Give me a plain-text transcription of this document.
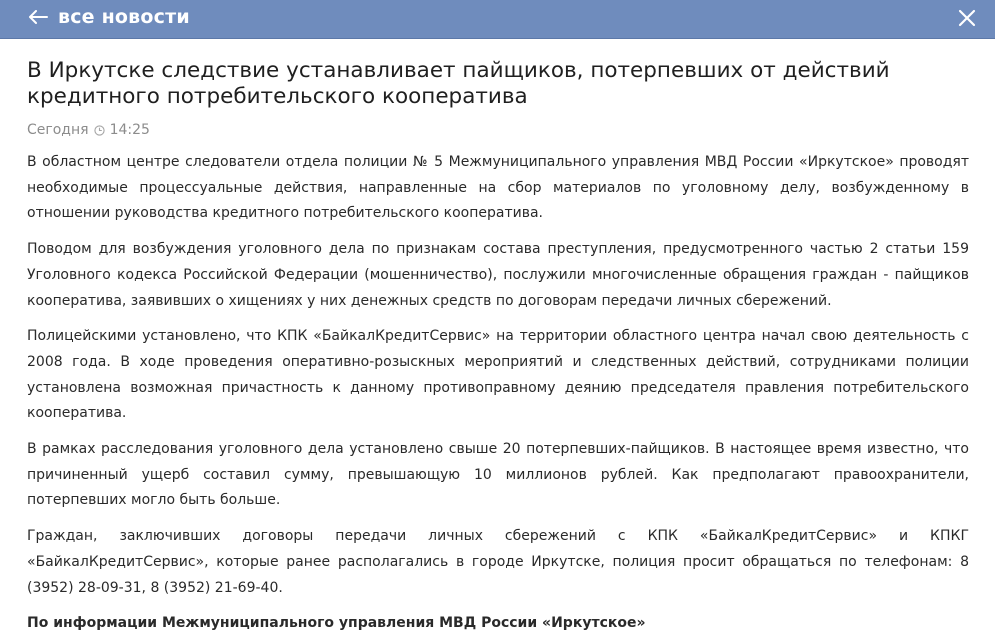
все новости
В Иркутске следствие устанавливает пайщиков, потерпевших от действий кредитного потребительского кооператива
Сегодня 14:25

В областном центре следователи отдела полиции № 5 Межмуниципального управления МВД России «Иркутское» проводят необходимые процессуальные действия, направленные на сбор материалов по уголовному делу, возбужденному в отношении руководства кредитного потребительского кооператива.

Поводом для возбуждения уголовного дела по признакам состава преступления, предусмотренного частью 2 статьи 159 Уголовного кодекса Российской Федерации (мошенничество), послужили многочисленные обращения граждан - пайщиков кооператива, заявивших о хищениях у них денежных средств по договорам передачи личных сбережений.

Полицейскими установлено, что КПК «БайкалКредитСервис» на территории областного центра начал свою деятельность с 2008 года. В ходе проведения оперативно-розыскных мероприятий и следственных действий, сотрудниками полиции установлена возможная причастность к данному противоправному деянию председателя правления потребительского кооператива.

В рамках расследования уголовного дела установлено свыше 20 потерпевших-пайщиков. В настоящее время известно, что причиненный ущерб составил сумму, превышающую 10 миллионов рублей. Как предполагают правоохранители, потерпевших могло быть больше.

Граждан, заключивших договоры передачи личных сбережений с КПК «БайкалКредитСервис» и КПКГ «БайкалКредитСервис», которые ранее располагались в городе Иркутске, полиция просит обращаться по телефонам: 8 (3952) 28-09-31, 8 (3952) 21-69-40.

По информации Межмуниципального управления МВД России «Иркутское»
